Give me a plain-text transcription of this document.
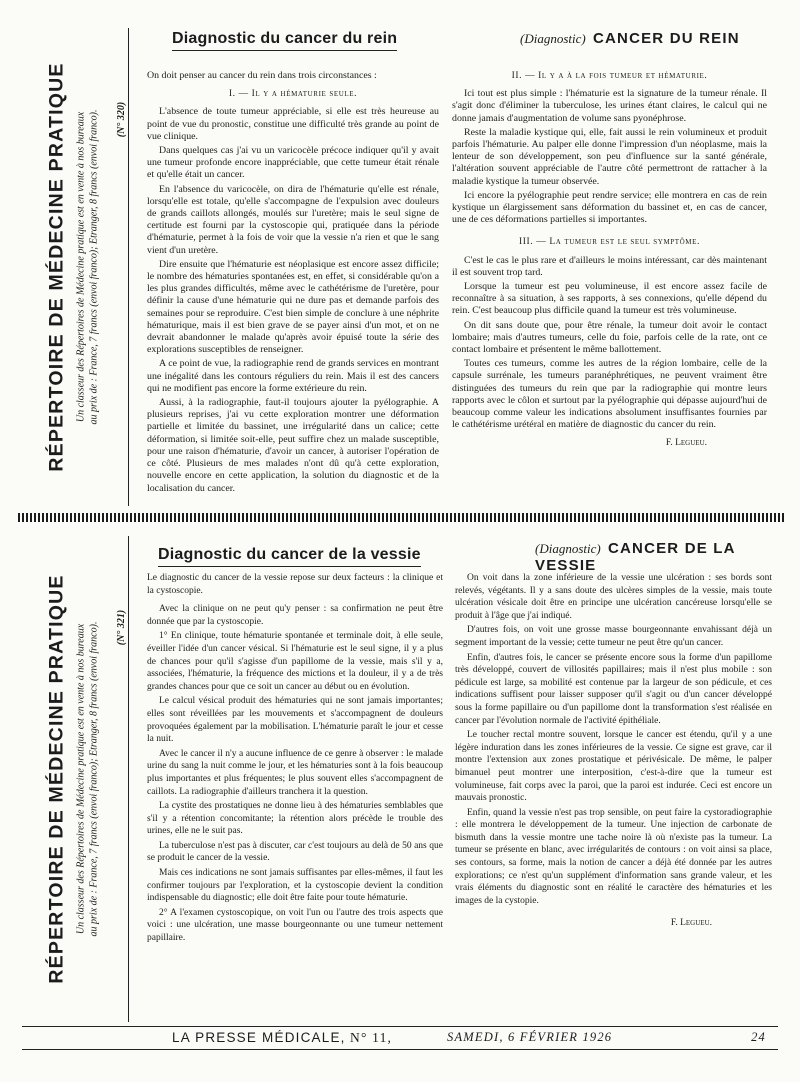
RÉPERTOIRE DE MÉDECINE PRATIQUE Un classeur des Répertoires de Médecine pratique est en vente à nos bureaux au prix de : France, 7 francs (envoi franco); Etranger, 8 francs (envoi franco). (N° 320)
Diagnostic du cancer du rein	(Diagnostic) CANCER DU REIN

On doit penser au cancer du rein dans trois circonstances :

I. — Il y a hématurie seule.

L'absence de toute tumeur appréciable, si elle est très heureuse au point de vue du pronostic, constitue une difficulté très grande au point de vue clinique.

Dans quelques cas j'ai vu un varicocèle précoce indiquer qu'il y avait une tumeur profonde encore inappréciable, que cette tumeur était rénale et qu'elle était un cancer.

En l'absence du varicocèle, on dira de l'hématurie qu'elle est rénale, lorsqu'elle est totale, qu'elle s'accompagne de l'expulsion avec douleurs de grands caillots allongés, moulés sur l'uretère; mais le seul signe de certitude est fourni par la cystoscopie qui, pratiquée dans la période d'hématurie, permet à la fois de voir que la vessie n'a rien et que le sang vient d'un uretère.

Dire ensuite que l'hématurie est néoplasique est encore assez difficile; le nombre des hématuries spontanées est, en effet, si considérable qu'on a les plus grandes difficultés, même avec le cathétérisme de l'uretère, pour définir la cause d'une hématurie qui ne dure pas et demande parfois des semaines pour se reproduire. C'est bien simple de conclure à une néphrite hématurique, mais il est bien grave de se payer ainsi d'un mot, et on ne devrait abandonner le malade qu'après avoir épuisé toute la série des explorations susceptibles de renseigner.

A ce point de vue, la radiographie rend de grands services en montrant une inégalité dans les contours réguliers du rein. Mais il est des cancers qui ne modifient pas encore la forme extérieure du rein.

Aussi, à la radiographie, faut-il toujours ajouter la pyélographie. A plusieurs reprises, j'ai vu cette exploration montrer une déformation partielle et limitée du bassinet, une irrégularité dans un calice; cette déformation, si limitée soit-elle, peut suffire chez un malade susceptible, pour une raison d'hématurie, d'avoir un cancer, à autoriser l'opération de ce côté. Plusieurs de mes malades n'ont dû qu'à cette exploration, nouvelle encore en cette application, la solution du diagnostic et de la localisation du cancer.

II. — Il y a à la fois tumeur et hématurie.

Ici tout est plus simple : l'hématurie est la signature de la tumeur rénale. Il s'agit donc d'éliminer la tuberculose, les urines étant claires, le calcul qui ne donne jamais d'augmentation de volume sans pyonéphrose.

Reste la maladie kystique qui, elle, fait aussi le rein volumineux et produit parfois l'hématurie. Au palper elle donne l'impression d'un néoplasme, mais la lenteur de son développement, son peu d'influence sur la santé générale, l'altération souvent appréciable de l'autre côté permettront de rattacher à la maladie kystique la tumeur observée.

Ici encore la pyélographie peut rendre service; elle montrera en cas de rein kystique un élargissement sans déformation du bassinet et, en cas de cancer, une de ces déformations partielles si importantes.

III. — La tumeur est le seul symptôme.

C'est le cas le plus rare et d'ailleurs le moins intéressant, car dès maintenant il est souvent trop tard.

Lorsque la tumeur est peu volumineuse, il est encore assez facile de reconnaître à sa situation, à ses rapports, à ses connexions, qu'elle dépend du rein. C'est beaucoup plus difficile quand la tumeur est très volumineuse.

On dit sans doute que, pour être rénale, la tumeur doit avoir le contact lombaire; mais d'autres tumeurs, celle du foie, parfois celle de la rate, ont ce contact lombaire et présentent le même ballottement.

Toutes ces tumeurs, comme les autres de la région lombaire, celle de la capsule surrénale, les tumeurs paranéphrétiques, ne peuvent vraiment être distinguées des tumeurs du rein que par la radiographie qui montre leurs rapports avec le côlon et surtout par la pyélographie qui dépasse aujourd'hui de beaucoup comme valeur les indications absolument insuffisantes fournies par le cathétérisme urétéral en matière de diagnostic du cancer du rein.

F. Legueu.
RÉPERTOIRE DE MÉDECINE PRATIQUE Un classeur des Répertoires de Médecine pratique est en vente à nos bureaux au prix de : France, 7 francs (envoi franco); Etranger, 8 francs (envoi franco). (N° 321)
Diagnostic du cancer de la vessie	(Diagnostic) CANCER DE LA VESSIE

Le diagnostic du cancer de la vessie repose sur deux facteurs : la clinique et la cystoscopie.

Avec la clinique on ne peut qu'y penser : sa confirmation ne peut être donnée que par la cystoscopie.

1° En clinique, toute hématurie spontanée et terminale doit, à elle seule, éveiller l'idée d'un cancer vésical. Si l'hématurie est le seul signe, il y a plus de chances pour qu'il s'agisse d'un papillome de la vessie, mais s'il y a, associées, l'hématurie, la fréquence des mictions et la douleur, il y a de très grandes chances pour que ce soit un cancer au début ou en évolution.

Le calcul vésical produit des hématuries qui ne sont jamais importantes; elles sont réveillées par les mouvements et s'accompagnent de douleurs provoquées également par la mobilisation. L'hématurie paraît le jour et cesse la nuit.

Avec le cancer il n'y a aucune influence de ce genre à observer : le malade urine du sang la nuit comme le jour, et les hématuries sont à la fois beaucoup plus importantes et plus fréquentes; le plus souvent elles s'accompagnent de caillots. La radiographie d'ailleurs tranchera it la question.

La cystite des prostatiques ne donne lieu à des hématuries semblables que s'il y a rétention concomitante; la rétention alors précède le trouble des urines, elle ne le suit pas.

La tuberculose n'est pas à discuter, car c'est toujours au delà de 50 ans que se produit le cancer de la vessie.

Mais ces indications ne sont jamais suffisantes par elles-mêmes, il faut les confirmer toujours par l'exploration, et la cystoscopie devient la condition indispensable du diagnostic; elle doit être faite pour toute hématurie.

2° A l'examen cystoscopique, on voit l'un ou l'autre des trois aspects que voici : une ulcération, une masse bourgeonnante ou une tumeur nettement papillaire.

On voit dans la zone inférieure de la vessie une ulcération : ses bords sont relevés, végétants. Il y a sans doute des ulcères simples de la vessie, mais toute ulcération vésicale doit être en principe une ulcération cancéreuse lorsqu'elle se produit à l'âge que j'ai indiqué.

D'autres fois, on voit une grosse masse bourgeonnante envahissant déjà un segment important de la vessie; cette tumeur ne peut être qu'un cancer.

Enfin, d'autres fois, le cancer se présente encore sous la forme d'un papillome très développé, couvert de villosités papillaires; mais il n'est plus mobile : son pédicule est large, sa mobilité est contenue par la largeur de son pédicule, et ces indications suffisent pour laisser supposer qu'il s'agit ou d'un cancer développé sous la forme papillaire ou d'un papillome dont la transformation s'est réalisée en cancer par l'évolution normale de l'activité épithéliale.

Le toucher rectal montre souvent, lorsque le cancer est étendu, qu'il y a une légère induration dans les zones inférieures de la vessie. Ce signe est grave, car il montre l'extension aux zones prostatique et périvésicale. De même, le palper bimanuel peut montrer une interposition, c'est-à-dire que la tumeur est volumineuse, fait corps avec la paroi, que la paroi est indurée. Ceci est encore un mauvais pronostic.

Enfin, quand la vessie n'est pas trop sensible, on peut faire la cystoradiographie : elle montrera le développement de la tumeur. Une injection de carbonate de bismuth dans la vessie montre une tache noire là où n'existe pas la tumeur. La tumeur se présente en blanc, avec irrégularités de contours : on voit ainsi sa place, ses contours, sa forme, mais la notion de cancer a déjà été donnée par les autres explorations; ce n'est qu'un supplément d'information sans grande valeur, et les vrais éléments du diagnostic sont en réalité le caractère des hématuries et les images de la cystopie.

F. Legueu.
LA PRESSE MÉDICALE, N° 11,	SAMEDI, 6 FÉVRIER 1926	24
